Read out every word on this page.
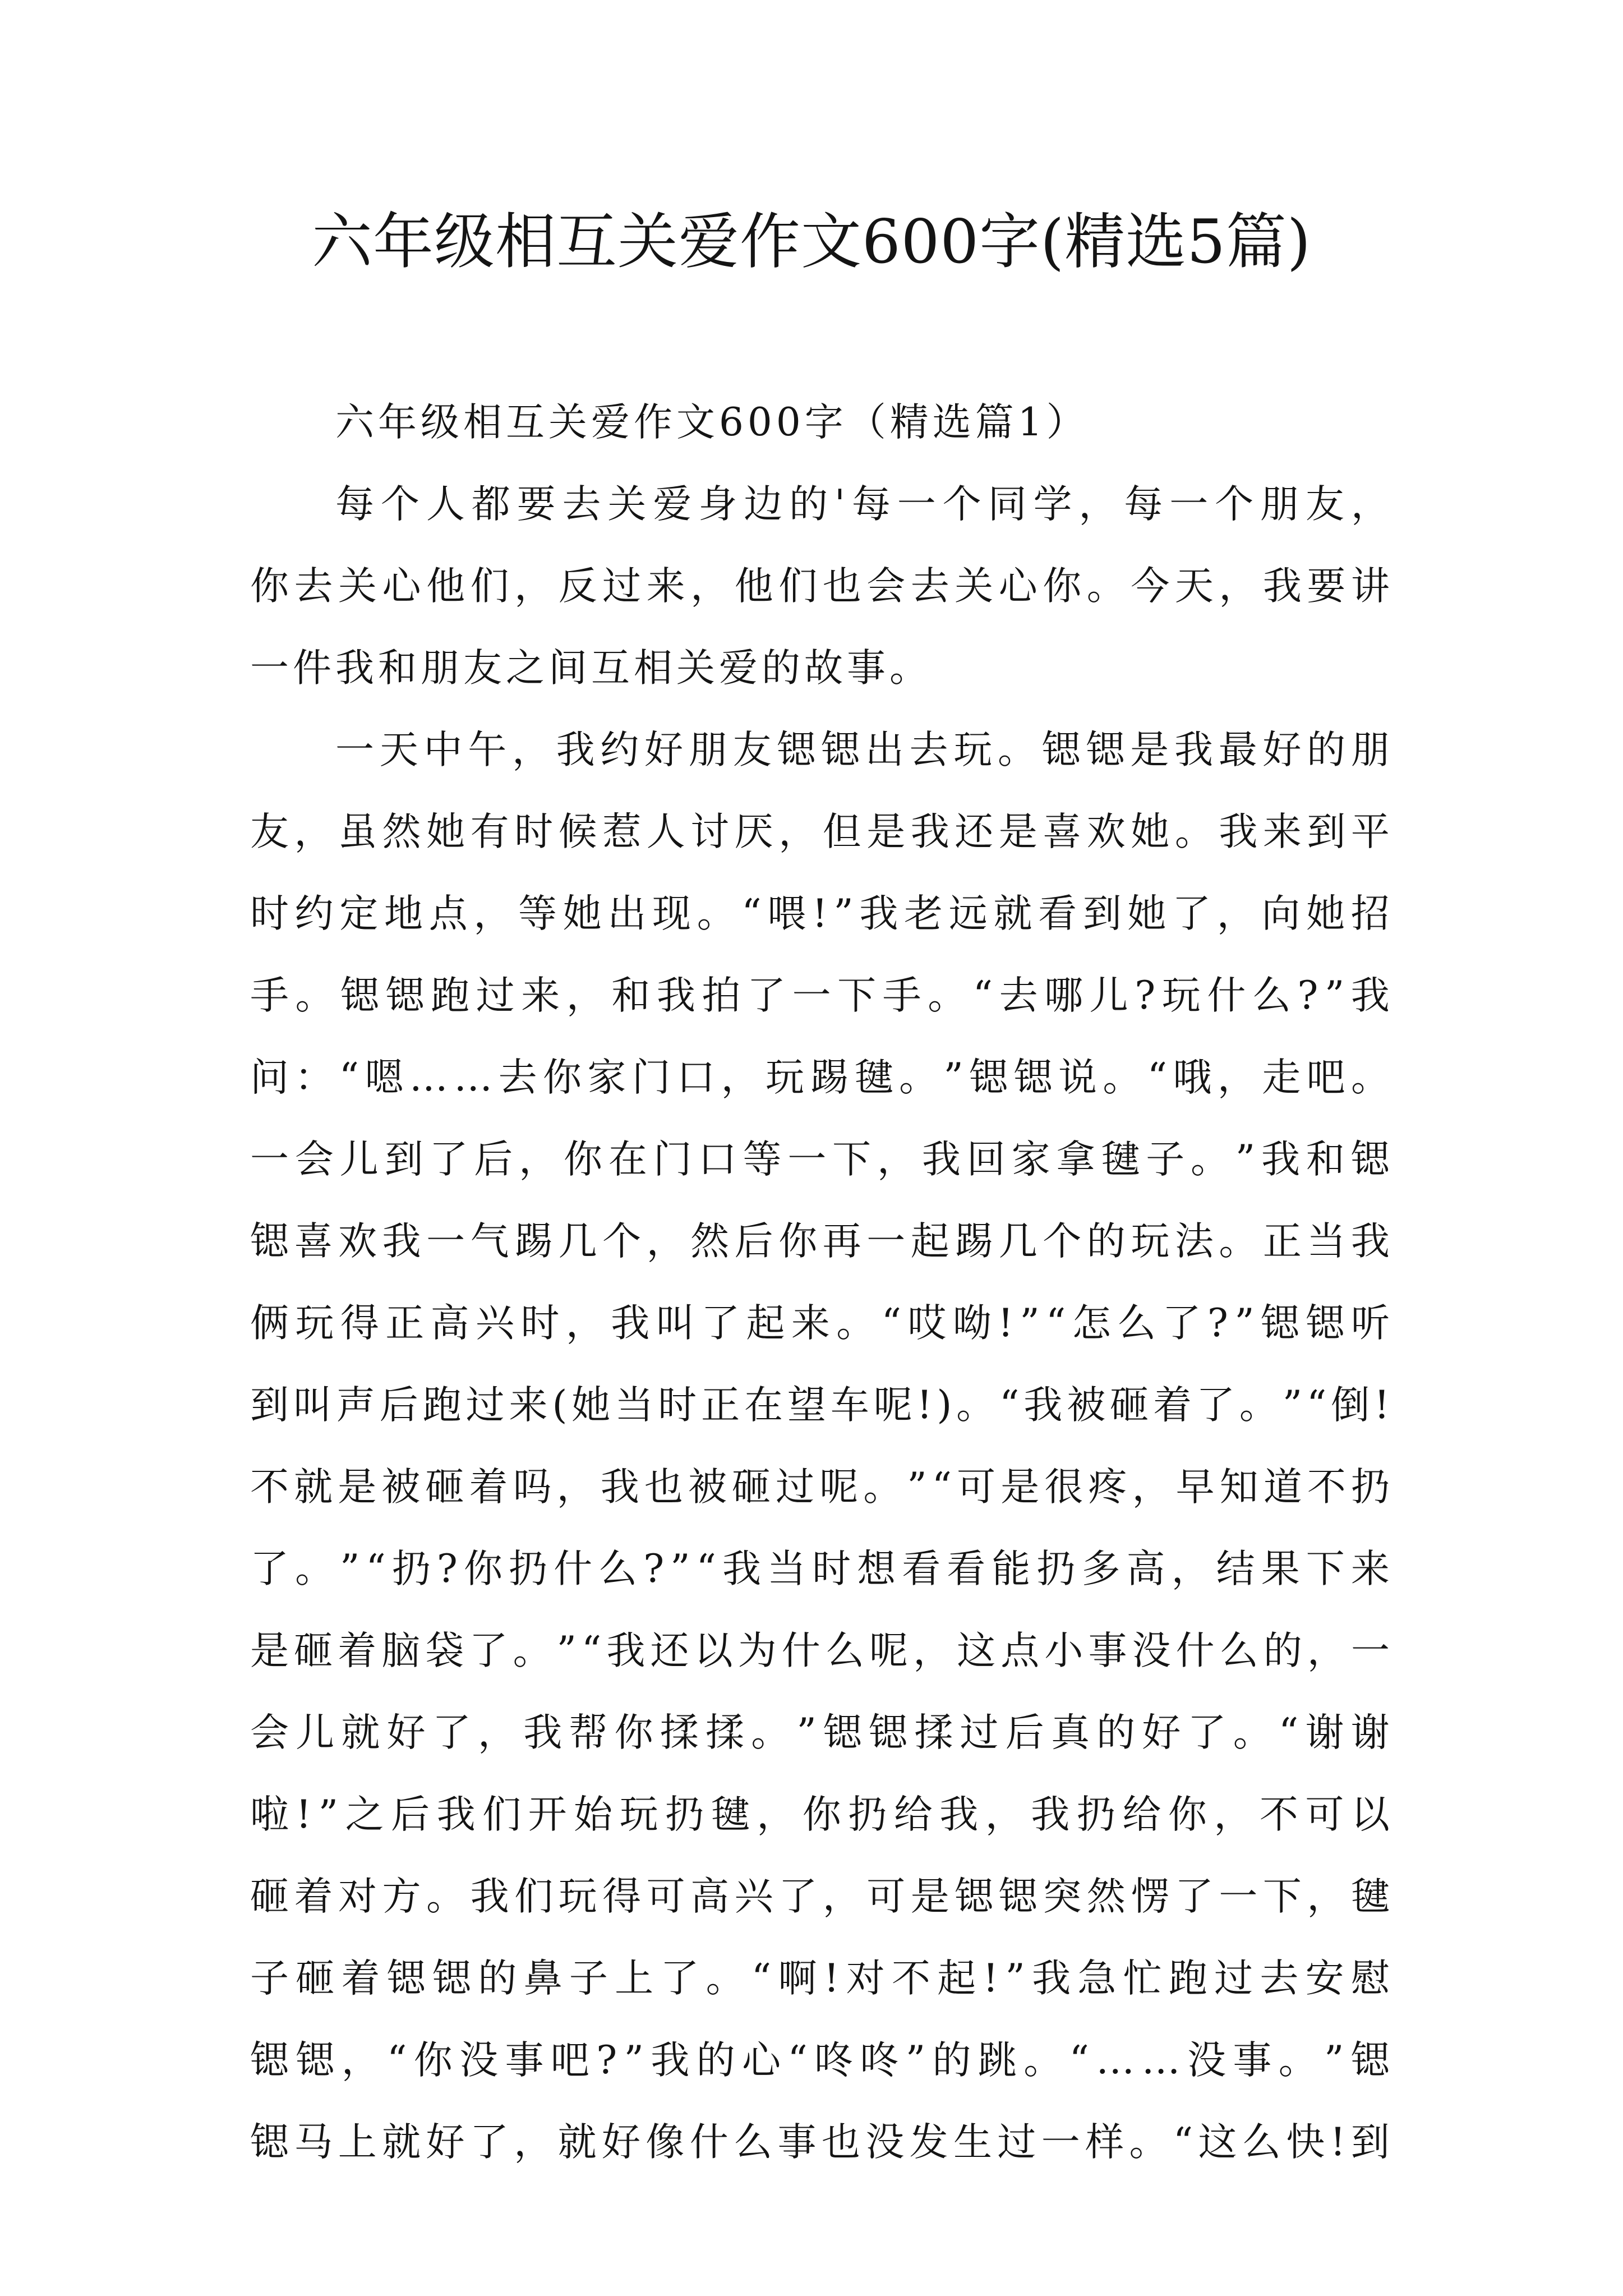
六年级相互关爱作文600字(精选5篇)
六 年 级 相 互 关 爱 作 文 6 0 0 字 （ 精 选 篇 1 ）
每 个 人 都 要 去 关 爱 身 边 的 ' 每 一 个 同 学 ， 每 一 个 朋 友 ，
你 去 关 心 他 们 ， 反 过 来 ， 他 们 也 会 去 关 心 你 。 今 天 ， 我 要 讲
一 件 我 和 朋 友 之 间 互 相 关 爱 的 故 事 。
一 天 中 午 ， 我 约 好 朋 友 锶 锶 出 去 玩 。 锶 锶 是 我 最 好 的 朋
友 ， 虽 然 她 有 时 候 惹 人 讨 厌 ， 但 是 我 还 是 喜 欢 她 。 我 来 到 平
时 约 定 地 点 ， 等 她 出 现 。 “ 喂 ! ” 我 老 远 就 看 到 她 了 ， 向 她 招
手 。 锶 锶 跑 过 来 ， 和 我 拍 了 一 下 手 。 “ 去 哪 儿 ? 玩 什 么 ? ” 我
问 ： “ 嗯 … … 去 你 家 门 口 ， 玩 踢 毽 。 ” 锶 锶 说 。 “ 哦 ， 走 吧 。
一 会 儿 到 了 后 ， 你 在 门 口 等 一 下 ， 我 回 家 拿 毽 子 。 ” 我 和 锶
锶 喜 欢 我 一 气 踢 几 个 ， 然 后 你 再 一 起 踢 几 个 的 玩 法 。 正 当 我
俩 玩 得 正 高 兴 时 ， 我 叫 了 起 来 。 “ 哎 呦 ! ” “ 怎 么 了 ? ” 锶 锶 听
到 叫 声 后 跑 过 来 ( 她 当 时 正 在 望 车 呢 ! ) 。 “ 我 被 砸 着 了 。 ” “ 倒 !
不 就 是 被 砸 着 吗 ， 我 也 被 砸 过 呢 。 ” “ 可 是 很 疼 ， 早 知 道 不 扔
了 。 ” “ 扔 ? 你 扔 什 么 ? ” “ 我 当 时 想 看 看 能 扔 多 高 ， 结 果 下 来
是 砸 着 脑 袋 了 。 ” “ 我 还 以 为 什 么 呢 ， 这 点 小 事 没 什 么 的 ， 一
会 儿 就 好 了 ， 我 帮 你 揉 揉 。 ” 锶 锶 揉 过 后 真 的 好 了 。 “ 谢 谢
啦 ! ” 之 后 我 们 开 始 玩 扔 毽 ， 你 扔 给 我 ， 我 扔 给 你 ， 不 可 以
砸 着 对 方 。 我 们 玩 得 可 高 兴 了 ， 可 是 锶 锶 突 然 愣 了 一 下 ， 毽
子 砸 着 锶 锶 的 鼻 子 上 了 。 “ 啊 ! 对 不 起 ! ” 我 急 忙 跑 过 去 安 慰
锶 锶 ， “ 你 没 事 吧 ? ” 我 的 心 “ 咚 咚 ” 的 跳 。 “ … … 没 事 。 ” 锶
锶 马 上 就 好 了 ， 就 好 像 什 么 事 也 没 发 生 过 一 样 。 “ 这 么 快 ! 到
